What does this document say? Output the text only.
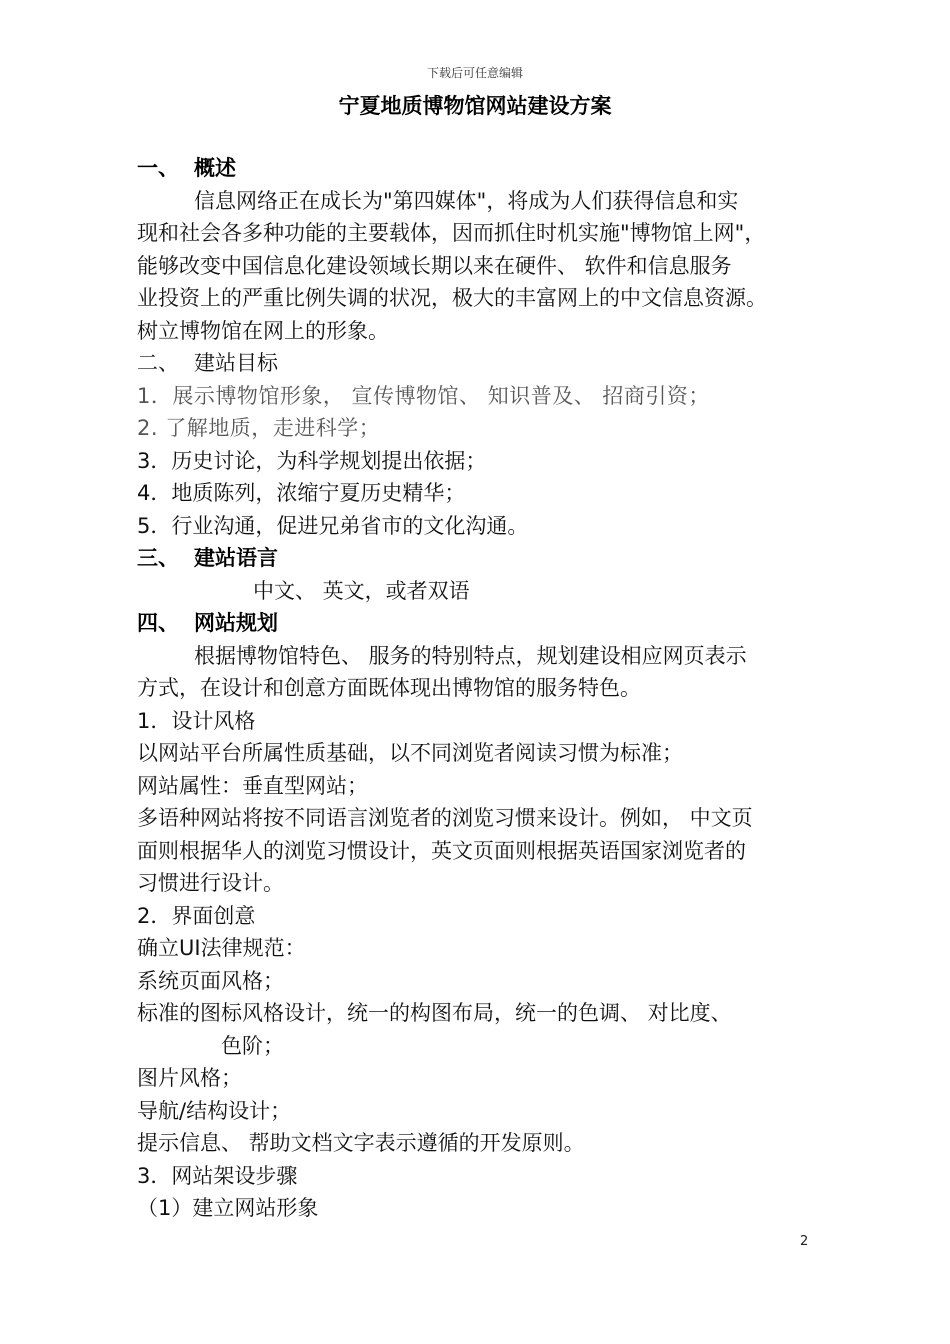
下载后可任意编辑
宁夏地质博物馆网站建设方案
一、 概述
信息网络正在成长为"第四媒体"，将成为人们获得信息和实
现和社会各多种功能的主要载体，因而抓住时机实施"博物馆上网"，
能够改变中国信息化建设领域长期以来在硬件、 软件和信息服务
业投资上的严重比例失调的状况，极大的丰富网上的中文信息资源。
树立博物馆在网上的形象。
二、 建站目标
1．展示博物馆形象， 宣传博物馆、 知识普及、 招商引资；
2. 了解地质，走进科学；
3．历史讨论，为科学规划提出依据；
4．地质陈列，浓缩宁夏历史精华；
5．行业沟通，促进兄弟省市的文化沟通。
三、 建站语言
中文、 英文，或者双语
四、 网站规划
根据博物馆特色、 服务的特别特点，规划建设相应网页表示
方式，在设计和创意方面既体现出博物馆的服务特色。
1．设计风格
以网站平台所属性质基础，以不同浏览者阅读习惯为标准；
网站属性：垂直型网站；
多语种网站将按不同语言浏览者的浏览习惯来设计。例如， 中文页
面则根据华人的浏览习惯设计，英文页面则根据英语国家浏览者的
习惯进行设计。
2．界面创意
确立UI法律规范：
系统页面风格；
标准的图标风格设计，统一的构图布局，统一的色调、 对比度、
色阶；
图片风格；
导航/结构设计；
提示信息、 帮助文档文字表示遵循的开发原则。
3．网站架设步骤
（1）建立网站形象
2
